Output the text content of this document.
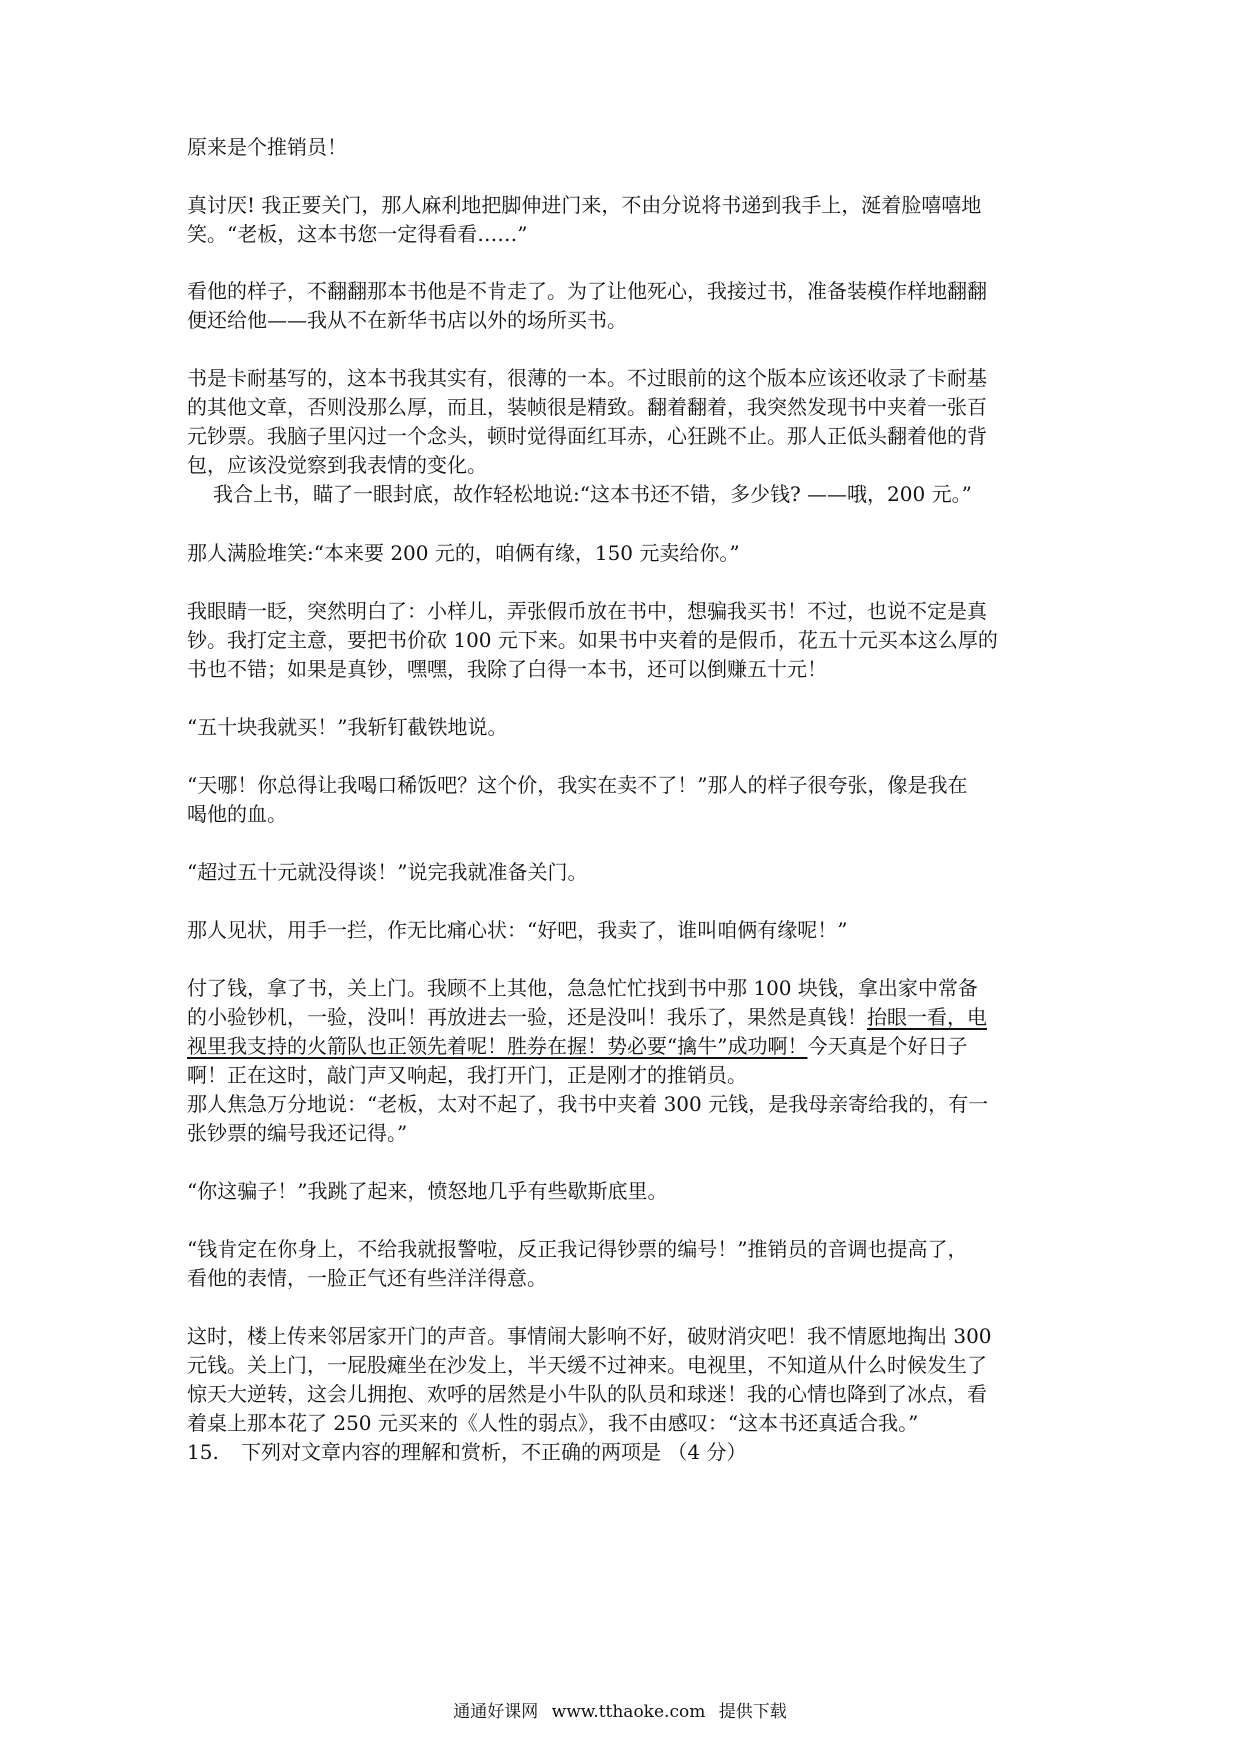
原来是个推销员！

真讨厌! 我正要关门，那人麻利地把脚伸进门来，不由分说将书递到我手上，涎着脸嘻嘻地
笑。“老板，这本书您一定得看看……”

看他的样子，不翻翻那本书他是不肯走了。为了让他死心，我接过书，准备装模作样地翻翻
便还给他——我从不在新华书店以外的场所买书。

书是卡耐基写的，这本书我其实有，很薄的一本。不过眼前的这个版本应该还收录了卡耐基
的其他文章，否则没那么厚，而且，装帧很是精致。翻着翻着，我突然发现书中夹着一张百
元钞票。我脑子里闪过一个念头，顿时觉得面红耳赤，心狂跳不止。那人正低头翻着他的背
包，应该没觉察到我表情的变化。

我合上书，瞄了一眼封底，故作轻松地说:“这本书还不错，多少钱? ——哦，200 元。”

那人满脸堆笑:“本来要 200 元的，咱俩有缘，150 元卖给你。”

我眼睛一眨，突然明白了：小样儿，弄张假币放在书中，想骗我买书！不过，也说不定是真
钞。我打定主意，要把书价砍 100 元下来。如果书中夹着的是假币，花五十元买本这么厚的
书也不错；如果是真钞，嘿嘿，我除了白得一本书，还可以倒赚五十元！

“五十块我就买！”我斩钉截铁地说。

“天哪！你总得让我喝口稀饭吧？这个价，我实在卖不了！”那人的样子很夸张，像是我在
喝他的血。

“超过五十元就没得谈！”说完我就准备关门。

那人见状，用手一拦，作无比痛心状：“好吧，我卖了，谁叫咱俩有缘呢！”

付了钱，拿了书，关上门。我顾不上其他，急急忙忙找到书中那 100 块钱，拿出家中常备
的小验钞机，一验，没叫！再放进去一验，还是没叫！我乐了，果然是真钱！抬眼一看，电
视里我支持的火箭队也正领先着呢！胜券在握！势必要“擒牛”成功啊！今天真是个好日子
啊！正在这时，敲门声又响起，我打开门，正是刚才的推销员。

那人焦急万分地说：“老板，太对不起了，我书中夹着 300 元钱，是我母亲寄给我的，有一
张钞票的编号我还记得。”

“你这骗子！”我跳了起来，愤怒地几乎有些歇斯底里。

“钱肯定在你身上，不给我就报警啦，反正我记得钞票的编号！”推销员的音调也提高了，
看他的表情，一脸正气还有些洋洋得意。

这时，楼上传来邻居家开门的声音。事情闹大影响不好，破财消灾吧！我不情愿地掏出 300
元钱。关上门，一屁股瘫坐在沙发上，半天缓不过神来。电视里，不知道从什么时候发生了
惊天大逆转，这会儿拥抱、欢呼的居然是小牛队的队员和球迷！我的心情也降到了冰点，看
着桌上那本花了 250 元买来的《人性的弱点》，我不由感叹：“这本书还真适合我。”

15. 下列对文章内容的理解和赏析，不正确的两项是 （4 分）

通通好课网 www.tthaoke.com 提供下载
